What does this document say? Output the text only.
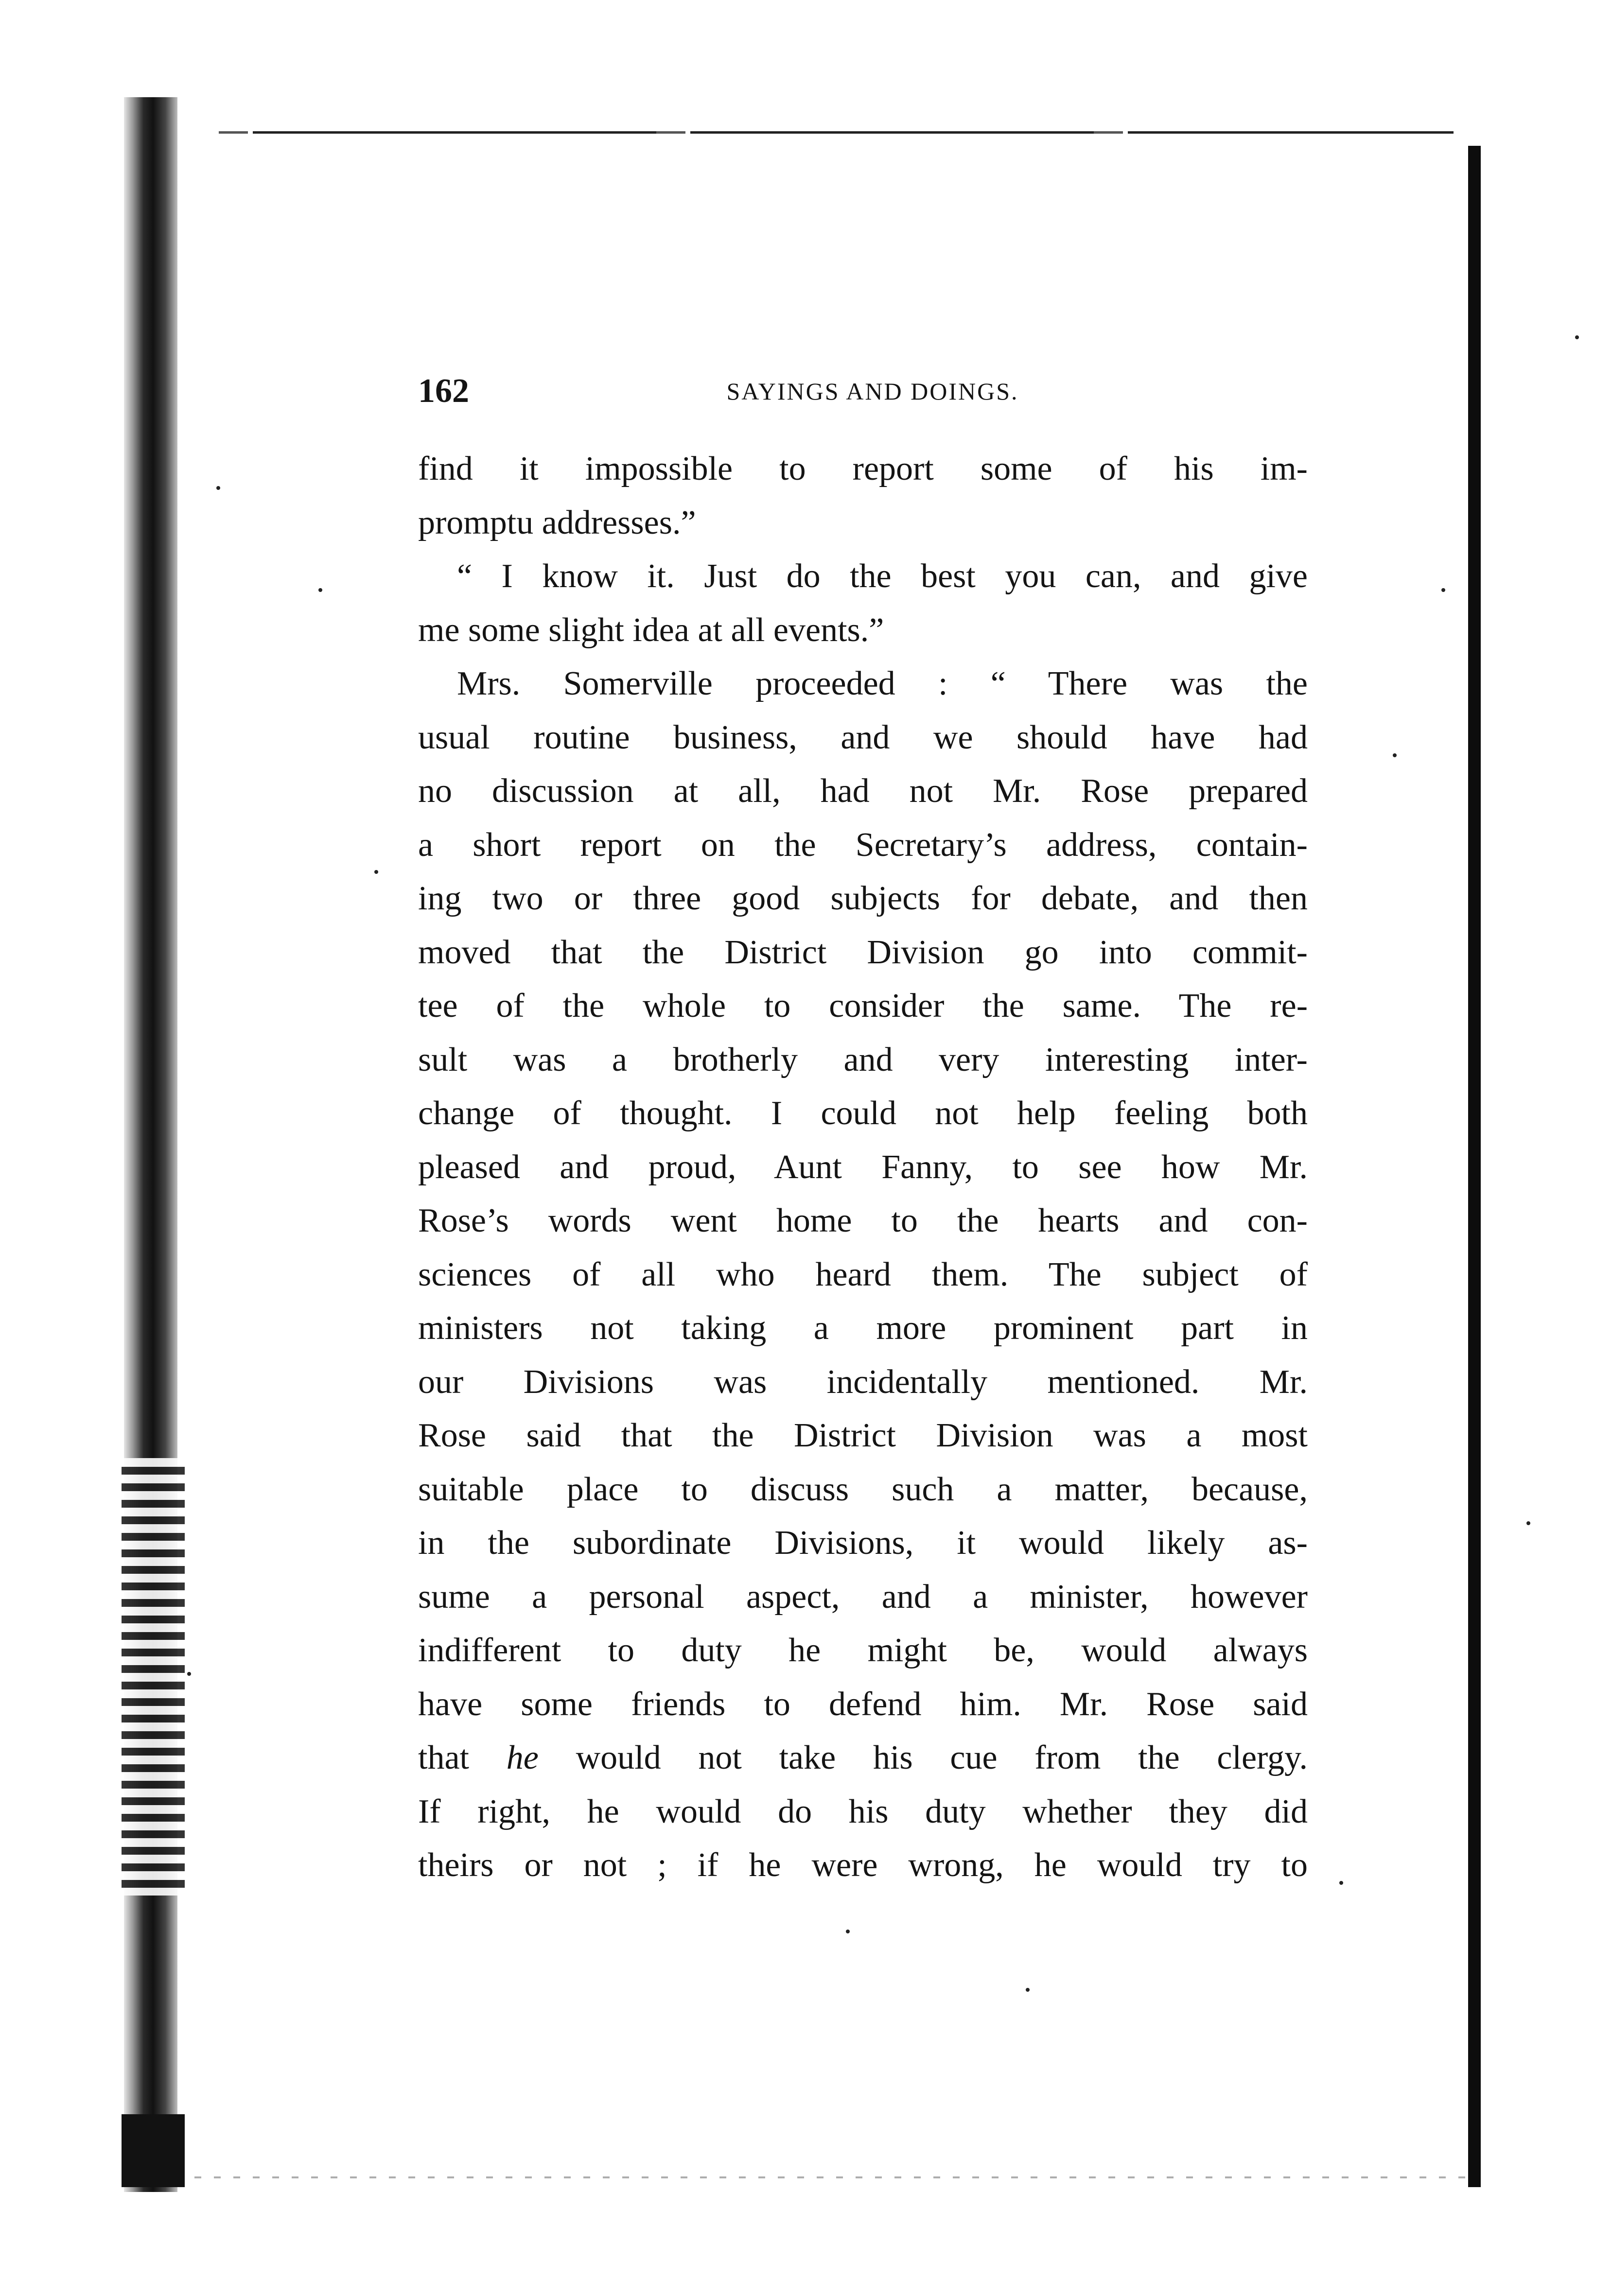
162	SAYINGS AND DOINGS.
find it impossible to report some of his im-
promptu addresses.”
“ I know it. Just do the best you can, and give
me some slight idea at all events.”
Mrs. Somerville proceeded : “ There was the
usual routine business, and we should have had
no discussion at all, had not Mr. Rose prepared
a short report on the Secretary’s address, contain-
ing two or three good subjects for debate, and then
moved that the District Division go into commit-
tee of the whole to consider the same. The re-
sult was a brotherly and very interesting inter-
change of thought. I could not help feeling both
pleased and proud, Aunt Fanny, to see how Mr.
Rose’s words went home to the hearts and con-
sciences of all who heard them. The subject of
ministers not taking a more prominent part in
our Divisions was incidentally mentioned. Mr.
Rose said that the District Division was a most
suitable place to discuss such a matter, because,
in the subordinate Divisions, it would likely as-
sume a personal aspect, and a minister, however
indifferent to duty he might be, would always
have some friends to defend him. Mr. Rose said
that he would not take his cue from the clergy.
If right, he would do his duty whether they did
theirs or not ; if he were wrong, he would try to
